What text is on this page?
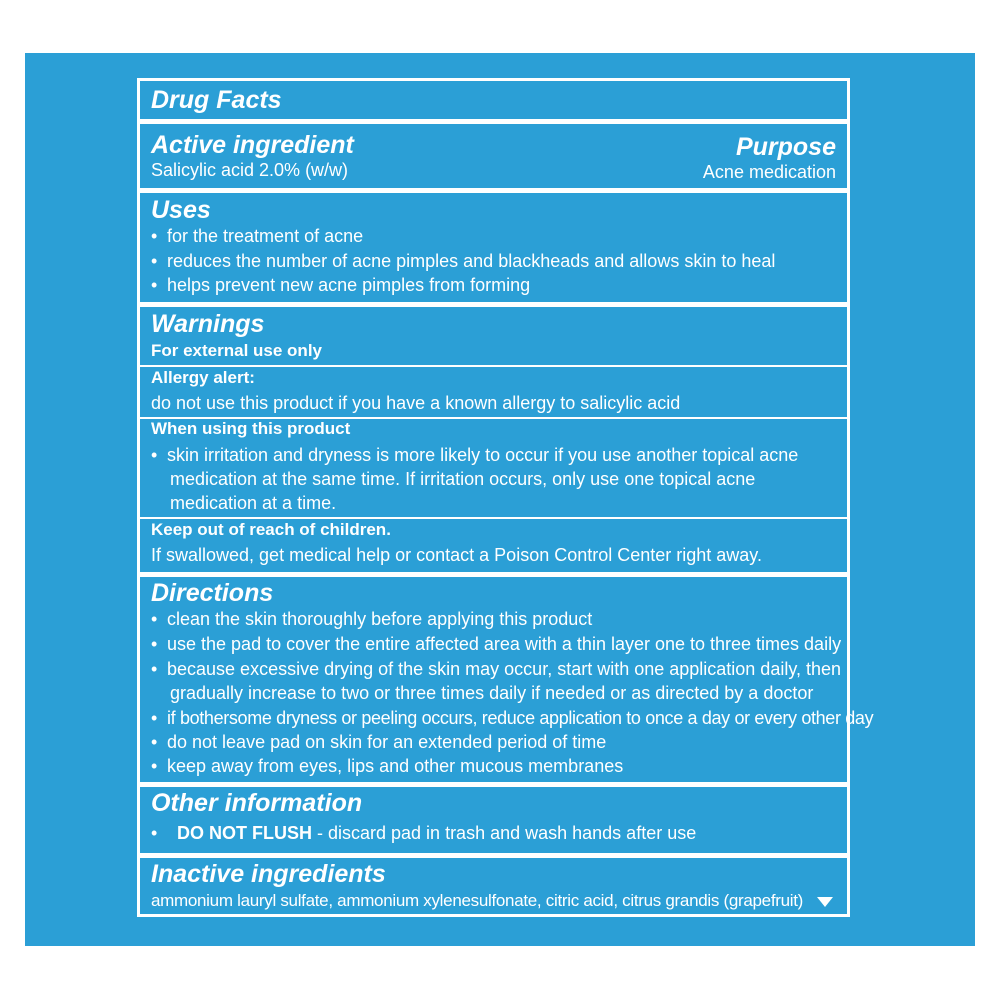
Drug Facts
Active ingredient	Purpose
Salicylic acid 2.0% (w/w)	Acne medication
Uses
• for the treatment of acne
• reduces the number of acne pimples and blackheads and allows skin to heal
• helps prevent new acne pimples from forming
Warnings
For external use only
Allergy alert:
do not use this product if you have a known allergy to salicylic acid
When using this product
• skin irritation and dryness is more likely to occur if you use another topical acne
medication at the same time. If irritation occurs, only use one topical acne
medication at a time.
Keep out of reach of children.
If swallowed, get medical help or contact a Poison Control Center right away.
Directions
• clean the skin thoroughly before applying this product
• use the pad to cover the entire affected area with a thin layer one to three times daily
• because excessive drying of the skin may occur, start with one application daily, then
gradually increase to two or three times daily if needed or as directed by a doctor
• if bothersome dryness or peeling occurs, reduce application to once a day or every other day
• do not leave pad on skin for an extended period of time
• keep away from eyes, lips and other mucous membranes
Other information
• DO NOT FLUSH - discard pad in trash and wash hands after use
Inactive ingredients
ammonium lauryl sulfate, ammonium xylenesulfonate, citric acid, citrus grandis (grapefruit)
